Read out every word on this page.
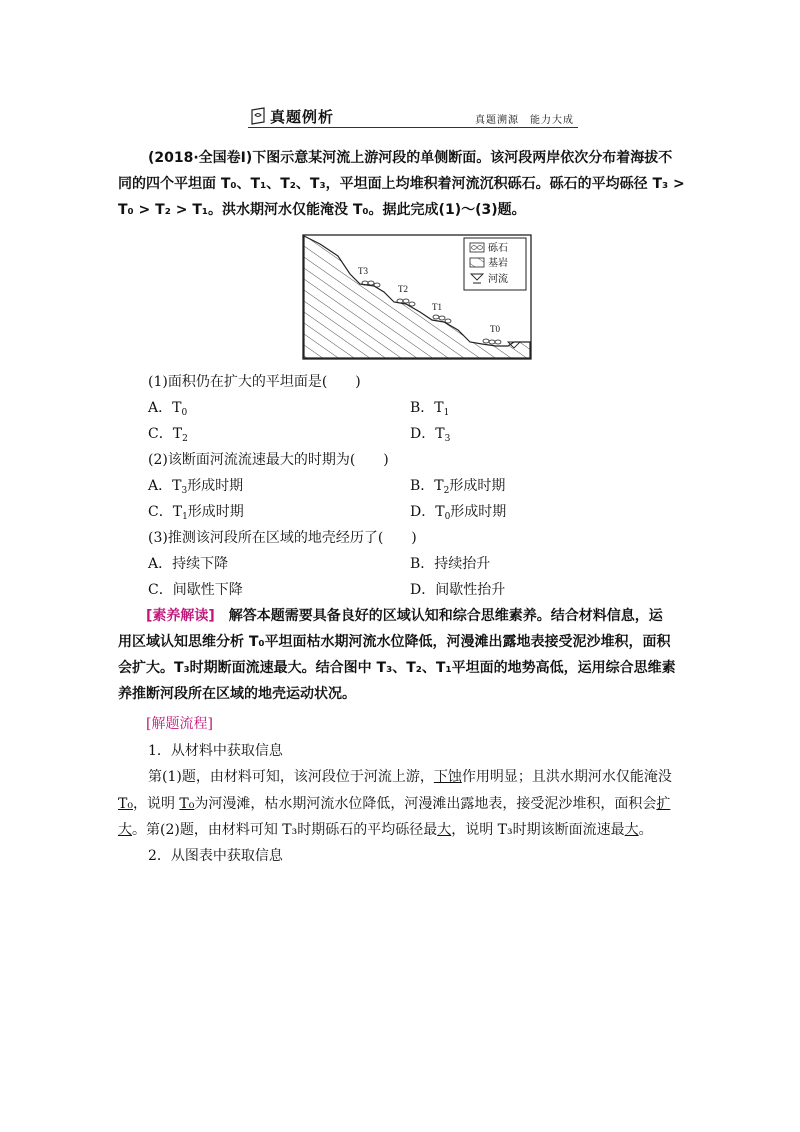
真题例析	真题溯源　能力大成
(2018·全国卷Ⅰ)下图示意某河流上游河段的单侧断面。该河段两岸依次分布着海拔不
同的四个平坦面 T₀、T₁、T₂、T₃，平坦面上均堆积着河流沉积砾石。砾石的平均砾径 T₃ >
T₀ > T₂ > T₁。洪水期河水仅能淹没 T₀。据此完成(1)～(3)题。
T3
T2
T1
T0
砾石
基岩
河流
(1)面积仍在扩大的平坦面是(　　)
A．$T_0$	B．$T_1$
C．$T_2$	D．$T_3$
(2)该断面河流流速最大的时期为(　　)
A．$T_3$形成时期	B．$T_2$形成时期
C．$T_1$形成时期	D．$T_0$形成时期
(3)推测该河段所在区域的地壳经历了(　　)
A．持续下降	B．持续抬升
C．间歇性下降	D．间歇性抬升
[素养解读]　解答本题需要具备良好的区域认知和综合思维素养。结合材料信息，运
用区域认知思维分析 T₀平坦面枯水期河流水位降低，河漫滩出露地表接受泥沙堆积，面积
会扩大。T₃时期断面流速最大。结合图中 T₃、T₂、T₁平坦面的地势高低，运用综合思维素
养推断河段所在区域的地壳运动状况。
[解题流程]
1．从材料中获取信息
第(1)题，由材料可知，该河段位于河流上游，下蚀作用明显；且洪水期河水仅能淹没
T₀，说明 T₀为河漫滩，枯水期河流水位降低，河漫滩出露地表，接受泥沙堆积，面积会扩
大。第(2)题，由材料可知 T₃时期砾石的平均砾径最大，说明 T₃时期该断面流速最大。
2．从图表中获取信息
